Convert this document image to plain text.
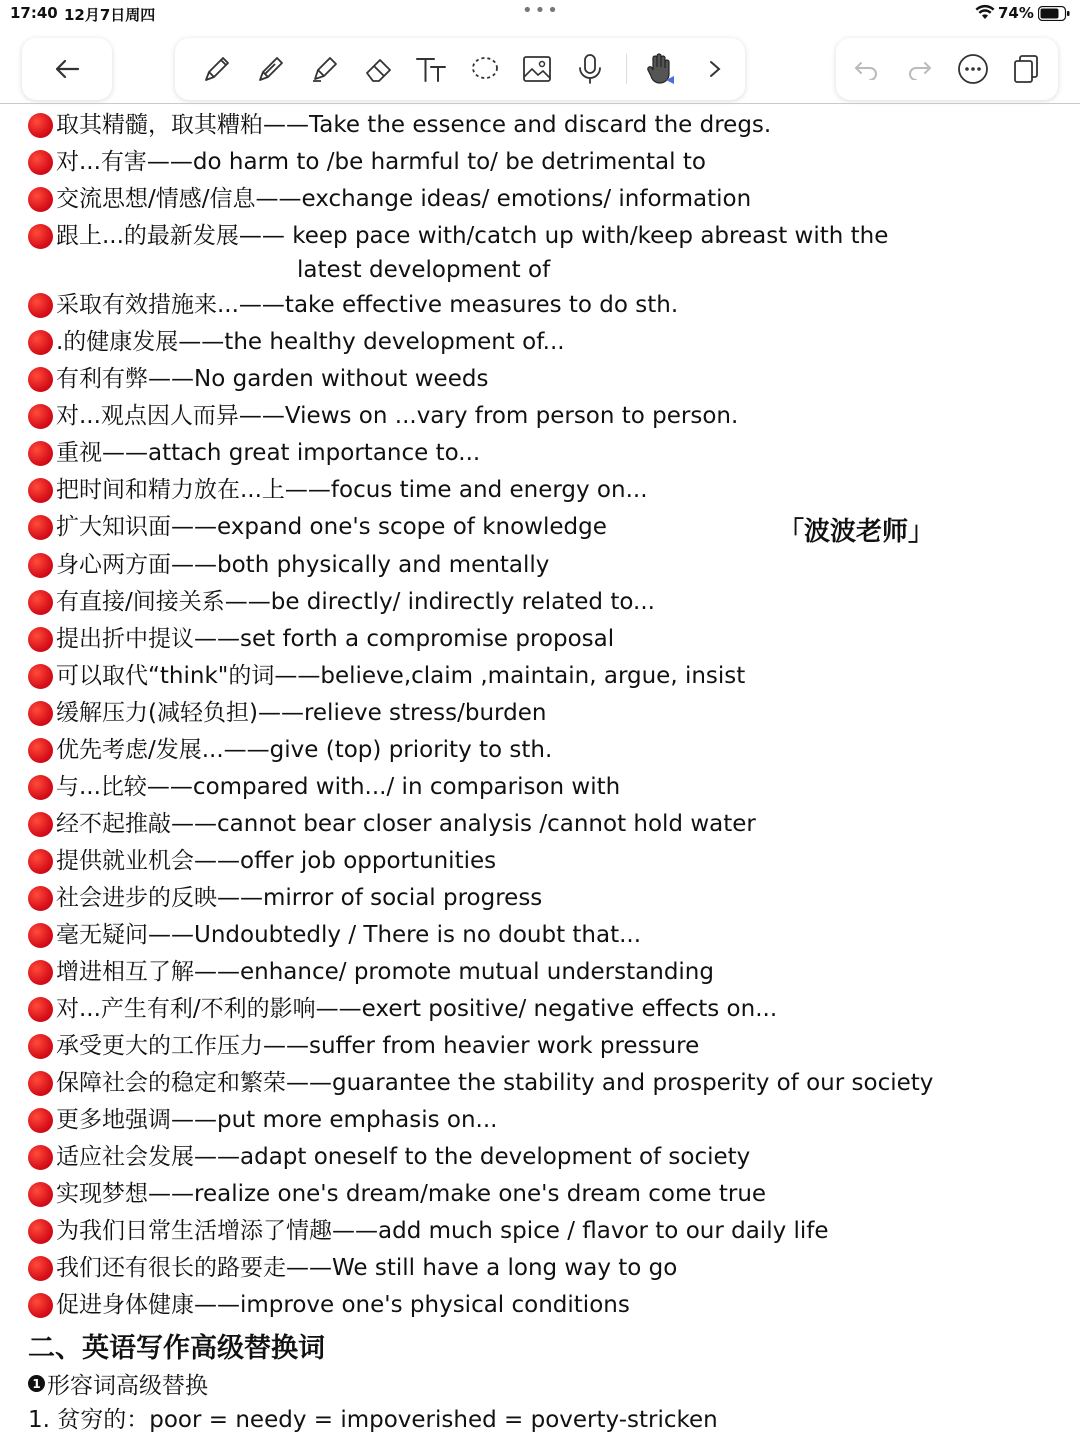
17:40 12月7日周四	•••	74%
latest development of
「波波老师」
二、英语写作高级替换词
1 形容词高级替换
1. 贫穷的：poor = needy = impoverished = poverty-stricken
取其精髓，取其糟粕——Take the essence and discard the dregs.
对...有害——do harm to /be harmful to/ be detrimental to
交流思想/情感/信息——exchange ideas/ emotions/ information
跟上...的最新发展—— keep pace with/catch up with/keep abreast with the
采取有效措施来...——take effective measures to do sth.
.的健康发展——the healthy development of...
有利有弊——No garden without weeds
对...观点因人而异——Views on ...vary from person to person.
重视——attach great importance to...
把时间和精力放在...上——focus time and energy on...
扩大知识面——expand one's scope of knowledge
身心两方面——both physically and mentally
有直接/间接关系——be directly/ indirectly related to...
提出折中提议——set forth a compromise proposal
可以取代“think"的词——believe,claim ,maintain, argue, insist
缓解压力(减轻负担)——relieve stress/burden
优先考虑/发展...——give (top) priority to sth.
与...比较——compared with.../ in comparison with
经不起推敲——cannot bear closer analysis /cannot hold water
提供就业机会——offer job opportunities
社会进步的反映——mirror of social progress
毫无疑问——Undoubtedly / There is no doubt that...
增进相互了解——enhance/ promote mutual understanding
对...产生有利/不利的影响——exert positive/ negative effects on...
承受更大的工作压力——suffer from heavier work pressure
保障社会的稳定和繁荣——guarantee the stability and prosperity of our society
更多地强调——put more emphasis on...
适应社会发展——adapt oneself to the development of society
实现梦想——realize one's dream/make one's dream come true
为我们日常生活增添了情趣——add much spice / flavor to our daily life
我们还有很长的路要走——We still have a long way to go
促进身体健康——improve one's physical conditions
